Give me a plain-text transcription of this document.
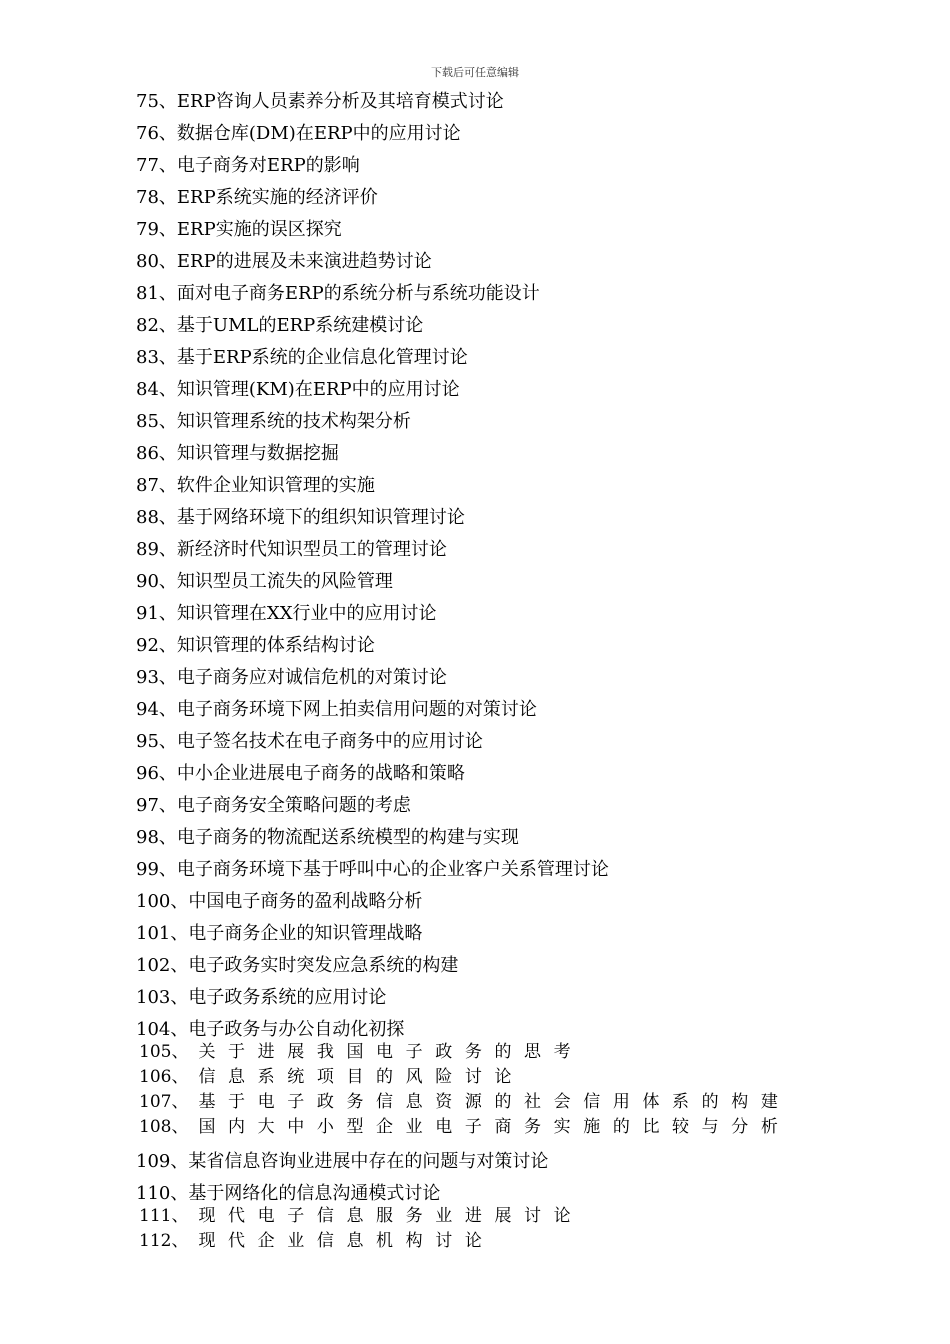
下载后可任意编辑
75、ERP咨询人员素养分析及其培育模式讨论
76、数据仓库(DM)在ERP中的应用讨论
77、电子商务对ERP的影响
78、ERP系统实施的经济评价
79、ERP实施的误区探究
80、ERP的进展及未来演进趋势讨论
81、面对电子商务ERP的系统分析与系统功能设计
82、基于UML的ERP系统建模讨论
83、基于ERP系统的企业信息化管理讨论
84、知识管理(KM)在ERP中的应用讨论
85、知识管理系统的技术构架分析
86、知识管理与数据挖掘
87、软件企业知识管理的实施
88、基于网络环境下的组织知识管理讨论
89、新经济时代知识型员工的管理讨论
90、知识型员工流失的风险管理
91、知识管理在XX行业中的应用讨论
92、知识管理的体系结构讨论
93、电子商务应对诚信危机的对策讨论
94、电子商务环境下网上拍卖信用问题的对策讨论
95、电子签名技术在电子商务中的应用讨论
96、中小企业进展电子商务的战略和策略
97、电子商务安全策略问题的考虑
98、电子商务的物流配送系统模型的构建与实现
99、电子商务环境下基于呼叫中心的企业客户关系管理讨论
100、中国电子商务的盈利战略分析
101、电子商务企业的知识管理战略
102、电子政务实时突发应急系统的构建
103、电子政务系统的应用讨论
104、电子政务与办公自动化初探
105、 关于进展我国电子政务的思考
106、 信息系统项目的风险讨论
107、 基于电子政务信息资源的社会信用体系的构建
108、 国内大中小型企业电子商务实施的比较与分析
109、某省信息咨询业进展中存在的问题与对策讨论
110、基于网络化的信息沟通模式讨论
111、 现代电子信息服务业进展讨论
112、 现代企业信息机构讨论
